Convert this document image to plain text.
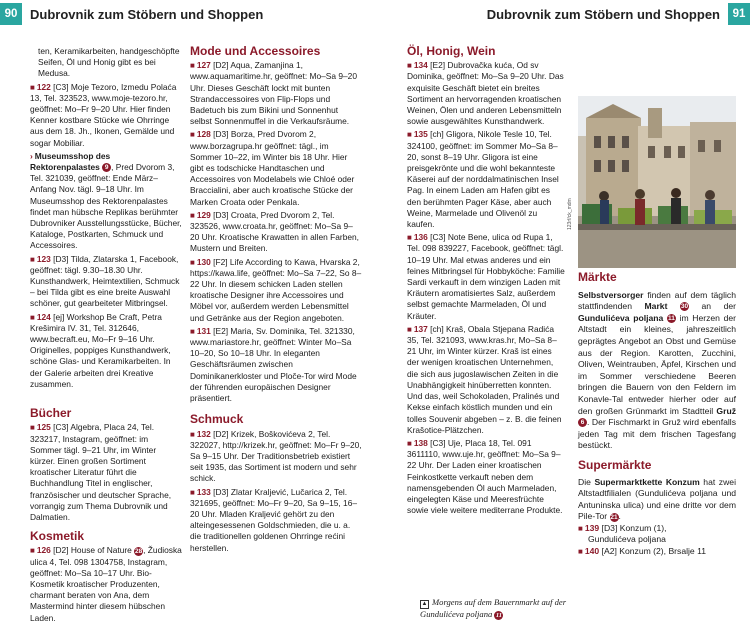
90 Dubrovnik zum Stöbern und Shoppen	Dubrovnik zum Stöbern und Shoppen	91
ten, Keramikarbeiten, handgeschöpfte Seifen, Öl und Honig gibt es bei Medusa.
■ 122 [C3] Moje Tezoro, Izmedu Polaća 13, Tel. 323523, www.moje-tezoro.hr, geöffnet: Mo–Fr 9–20 Uhr. Hier finden Kenner kostbare Stücke wie Ohrringe aus dem 18. Jh., Ikonen, Gemälde und sogar Mobiliar.
› Museumsshop des Rektorenpalastes 9 , Pred Dvorom 3, Tel. 321039, geöffnet: Ende März–Anfang Nov. tägl. 9–18 Uhr. Im Museumsshop des Rektorenpalastes findet man hübsche Replikas berühmter Dubrovniker Ausstellungsstücke, Bücher, Kataloge, Postkarten, Schmuck und Accessoires.
■ 123 [D3] Tilda, Zlatarska 1, Facebook, geöffnet: tägl. 9.30–18.30 Uhr. Kunsthandwerk, Heimtextilien, Schmuck – bei Tilda gibt es eine breite Auswahl schöner, gut gearbeiteter Mitbringsel.
■ 124 [ej] Workshop Be Craft, Petra Krešimira IV. 31, Tel. 312646, www.becraft.eu, Mo–Fr 9–16 Uhr. Originelles, poppiges Kunsthandwerk, schöne Glas- und Keramikarbeiten. In der Galerie arbeiten drei Kreative zusammen.
Bücher
■ 125 [C3] Algebra, Placa 24, Tel. 323217, Instagram, geöffnet: im Sommer tägl. 9–21 Uhr, im Winter kürzer. Einen großen Sortiment kroatischer Literatur führt die Buchhandlung Titel in englischer, französischer und deutscher Sprache, vorrangig zum Thema Dubrovnik und Dalmatien.
Kosmetik
■ 126 [D2] House of Nature 28, Žudioska ulica 4, Tel. 098 1304758, Instagram, geöffnet: Mo–Sa 10–17 Uhr. Bio-Kosmetik kroatischer Produzenten, charmant beraten von Ana, dem Mastermind hinter diesem hübschen Laden.
Mode und Accessoires
■ 127 [D2] Aqua, Zamanjina 1, www.aquamaritime.hr, geöffnet: Mo–Sa 9–20 Uhr. Dieses Geschäft lockt mit bunten Strandaccessoires von Flip-Flops und Badetuch bis zum Bikini und Sonnenhut selbst Sonnenmuffel in die Verkaufsräume.
■ 128 [D3] Borza, Pred Dvorom 2, www.borzagrupa.hr geöffnet: tägl., im Sommer 10–22, im Winter bis 18 Uhr. Hier gibt es todschicke Handtaschen und Accessoires von Modelabels wie Chloé oder Braccialini, aber auch kroatische Stücke der Marken Croata oder Penkala.
■ 129 [D3] Croata, Pred Dvorom 2, Tel. 323526, www.croata.hr, geöffnet: Mo–Sa 9–20 Uhr. Kroatische Krawatten in allen Farben, Mustern und Breiten.
■ 130 [F2] Life According to Kawa, Hvarska 2, https://kawa.life, geöffnet: Mo–Sa 7–22, So 8–22 Uhr. In diesem schicken Laden stellen kroatische Designer ihre Accessoires und Möbel vor, außerdem werden Lebensmittel und Getränke aus der Region angeboten.
■ 131 [E2] Maria, Sv. Dominika, Tel. 321330, www.mariastore.hr, geöffnet: Winter Mo–Sa 10–20, So 10–18 Uhr. In eleganten Geschäftsräumen zwischen Dominikanerkloster und Ploče-Tor wird Mode der führenden europäischen Designer präsentiert.
Schmuck
■ 132 [D2] Krizek, Boškovićeva 2, Tel. 322027, http://krizek.hr, geöffnet: Mo–Fr 9–20, Sa 9–15 Uhr. Der Traditionsbetrieb existiert seit 1935, das Sortiment ist modern und sehr schick.
■ 133 [D3] Zlatar Kraljević, Lučarica 2, Tel. 321695, geöffnet: Mo–Fr 9–20, Sa 9–15, 16–20 Uhr. Mladen Kraljević gehört zu den alteingesessenen Goldschmieden, die u. a. die traditionellen goldenen Ohrringe rećini herstellen.
Öl, Honig, Wein
■ 134 [E2] Dubrovačka kuća, Od sv Dominika, geöffnet: Mo–Sa 9–20 Uhr. Das exquisite Geschäft bietet ein breites Sortiment an hervorragenden kroatischen Weinen, Ölen und anderen Lebensmitteln sowie ausgewähltes Kunsthandwerk.
■ 135 [ch] Gligora, Nikole Tesle 10, Tel. 324100, geöffnet: im Sommer Mo–Sa 8–20, sonst 8–19 Uhr. Gligora ist eine preisgekrönte und die wohl bekannteste Käserei auf der norddalmatinischen Insel Pag. In einem Laden am Hafen gibt es den berühmten Pager Käse, aber auch Weine, Marmelade und Olivenöl zu kaufen.
■ 136 [C3] Note Bene, ulica od Rupa 1, Tel. 098 839227, Facebook, geöffnet: tägl. 10–19 Uhr. Mal etwas anderes und ein feines Mitbringsel für Hobbyköche: Familie Sardi verkauft in dem winzigen Laden mit Kräutern aromatisiertes Salz, außerdem selbst gemachte Marmeladen, Öl und Kräuter.
■ 137 [ch] Kraš, Obala Stjepana Radića 35, Tel. 321093, www.kras.hr, Mo–Sa 8–21 Uhr, im Winter kürzer. Kraš ist eines der wenigen kroatischen Unternehmen, die sich aus jugoslawischen Zeiten in die Unabhängigkeit hinüberretten konnten. Und das, weil Schokoladen, Pralinés und Kekse einfach köstlich munden und ein tolles Souvenir abgeben – z. B. die feinen Krašotice-Plätzchen.
■ 138 [C3] Uje, Placa 18, Tel. 091 3611110, www.uje.hr, geöffnet: Mo–Sa 9–22 Uhr. Der Laden einer kroatischen Feinkostkette verkauft neben dem namensgebenden Öl auch Marmeladen, eingelegten Käse und Meeresfrüchte sowie viele weitere mediterrane Produkte.
▲ Morgens auf dem Bauernmarkt auf der Gundulićeva poljana 11
123rf/ck_mdm
Märkte
Selbstversorger finden auf dem täglich stattfindenden Markt 30 an der Gundulićeva poljana 11 im Herzen der Altstadt ein kleines, jahreszeitlich geprägtes Angebot an Obst und Gemüse aus der Region. Karotten, Zucchini, Oliven, Weintrauben, Äpfel, Kirschen und im Sommer verschiedene Beeren bringen die Bauern von den Feldern im Konavle-Tal entweder hierher oder auf den großen Grünmarkt im Stadtteil Gruž 6 . Der Fischmarkt in Gruž wird ebenfalls jeden Tag mit dem frischen Tagesfang bestückt.
Supermärkte
Die Supermarktkette Konzum hat zwei Altstadtfilialen (Gundulićeva poljana und Antuninska ulica) und eine dritte vor dem Pile-Tor 21.
■ 139 [D3] Konzum (1),
Gundulićeva poljana
■ 140 [A2] Konzum (2), Brsalje 11
